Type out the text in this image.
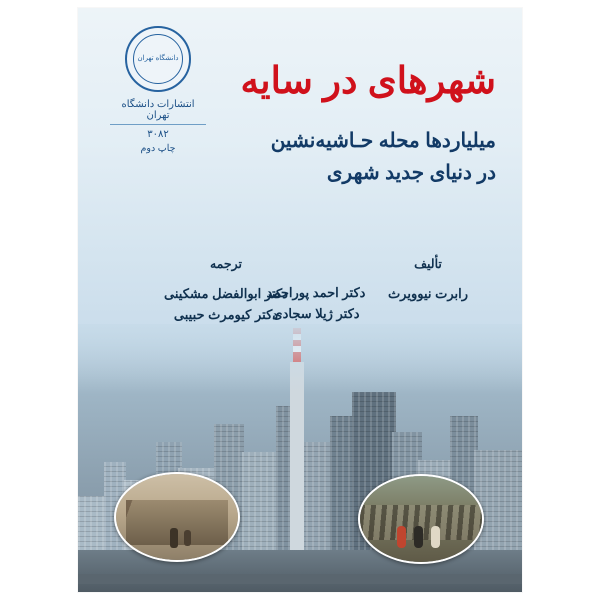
دانشگاه تهران
انتشارات دانشگاه تهران
٣٠٨٢
چاپ دوم
شهرهای در سایه
میلیاردها محله حـاشیه‌نشین
در دنیای جدید شهری
تألیف
رابرت نیوویرث
ترجمه
دکتر ابوالفضل مشکینی
دکتر کیومرث حبیبی
دکتر احمد پوراحمد
دکتر ژیلا سجادی
